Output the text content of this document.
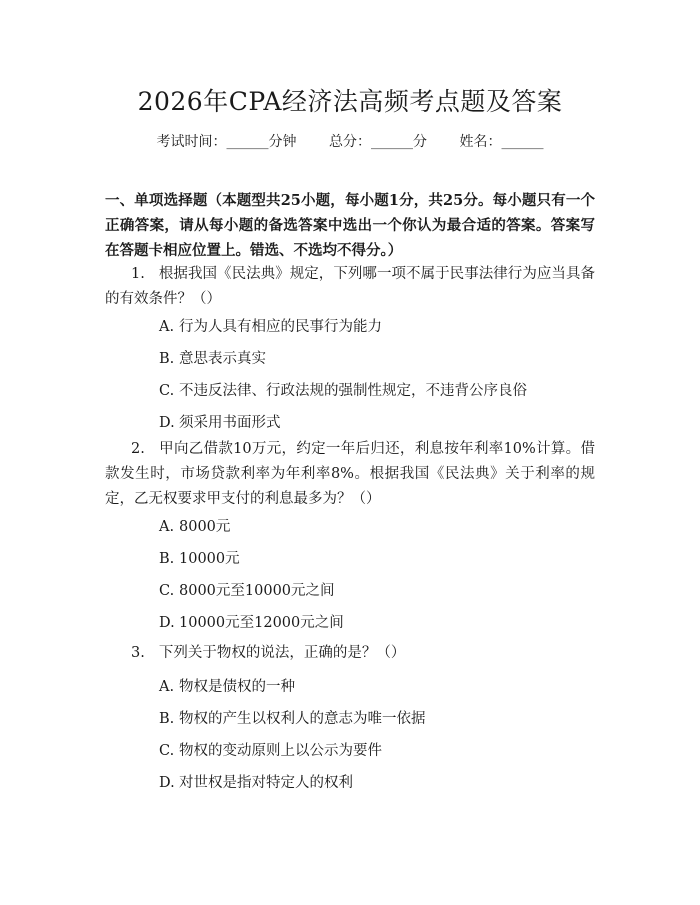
2026年CPA经济法高频考点题及答案
考试时间：______分钟 总分：______分 姓名：______
一、单项选择题（本题型共25小题，每小题1分，共25分。每小题只有一个正确答案，请从每小题的备选答案中选出一个你认为最合适的答案。答案写在答题卡相应位置上。错选、不选均不得分。）
1. 根据我国《民法典》规定，下列哪一项不属于民事法律行为应当具备的有效条件？（）
A. 行为人具有相应的民事行为能力
B. 意思表示真实
C. 不违反法律、行政法规的强制性规定，不违背公序良俗
D. 须采用书面形式
2. 甲向乙借款10万元，约定一年后归还，利息按年利率10%计算。借款发生时，市场贷款利率为年利率8%。根据我国《民法典》关于利率的规定，乙无权要求甲支付的利息最多为？（）
A. 8000元
B. 10000元
C. 8000元至10000元之间
D. 10000元至12000元之间
3. 下列关于物权的说法，正确的是？（）
A. 物权是债权的一种
B. 物权的产生以权利人的意志为唯一依据
C. 物权的变动原则上以公示为要件
D. 对世权是指对特定人的权利
